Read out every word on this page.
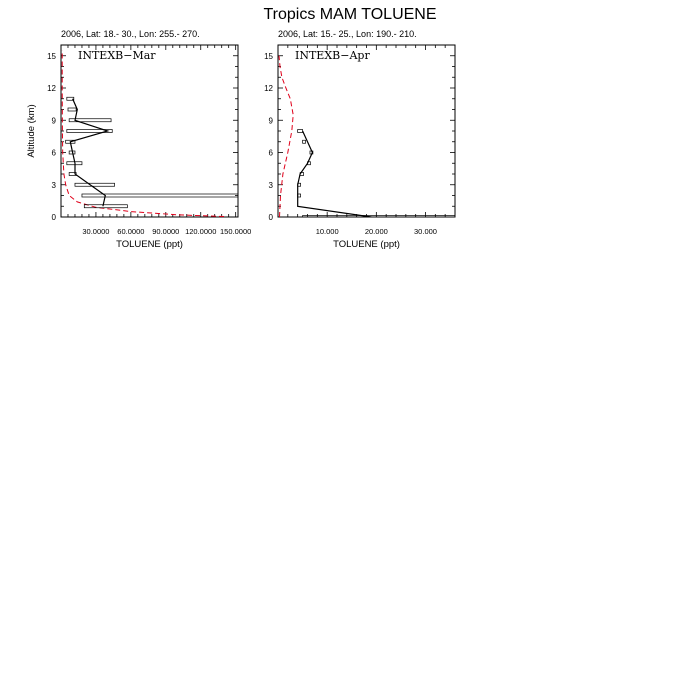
Tropics MAM TOLUENE
2006, Lat: 18.- 30., Lon: 255.- 270.
INTEXB−Mar
0
3
6
9
12
15
30.0000 60.0000 90.0000 120.0000 150.0000
TOLUENE (ppt)
Altitude (km)
2006, Lat: 15.- 25., Lon: 190.- 210.
INTEXB−Apr
0
3
6
9
12
15
10.000	20.000	30.000
TOLUENE (ppt)
